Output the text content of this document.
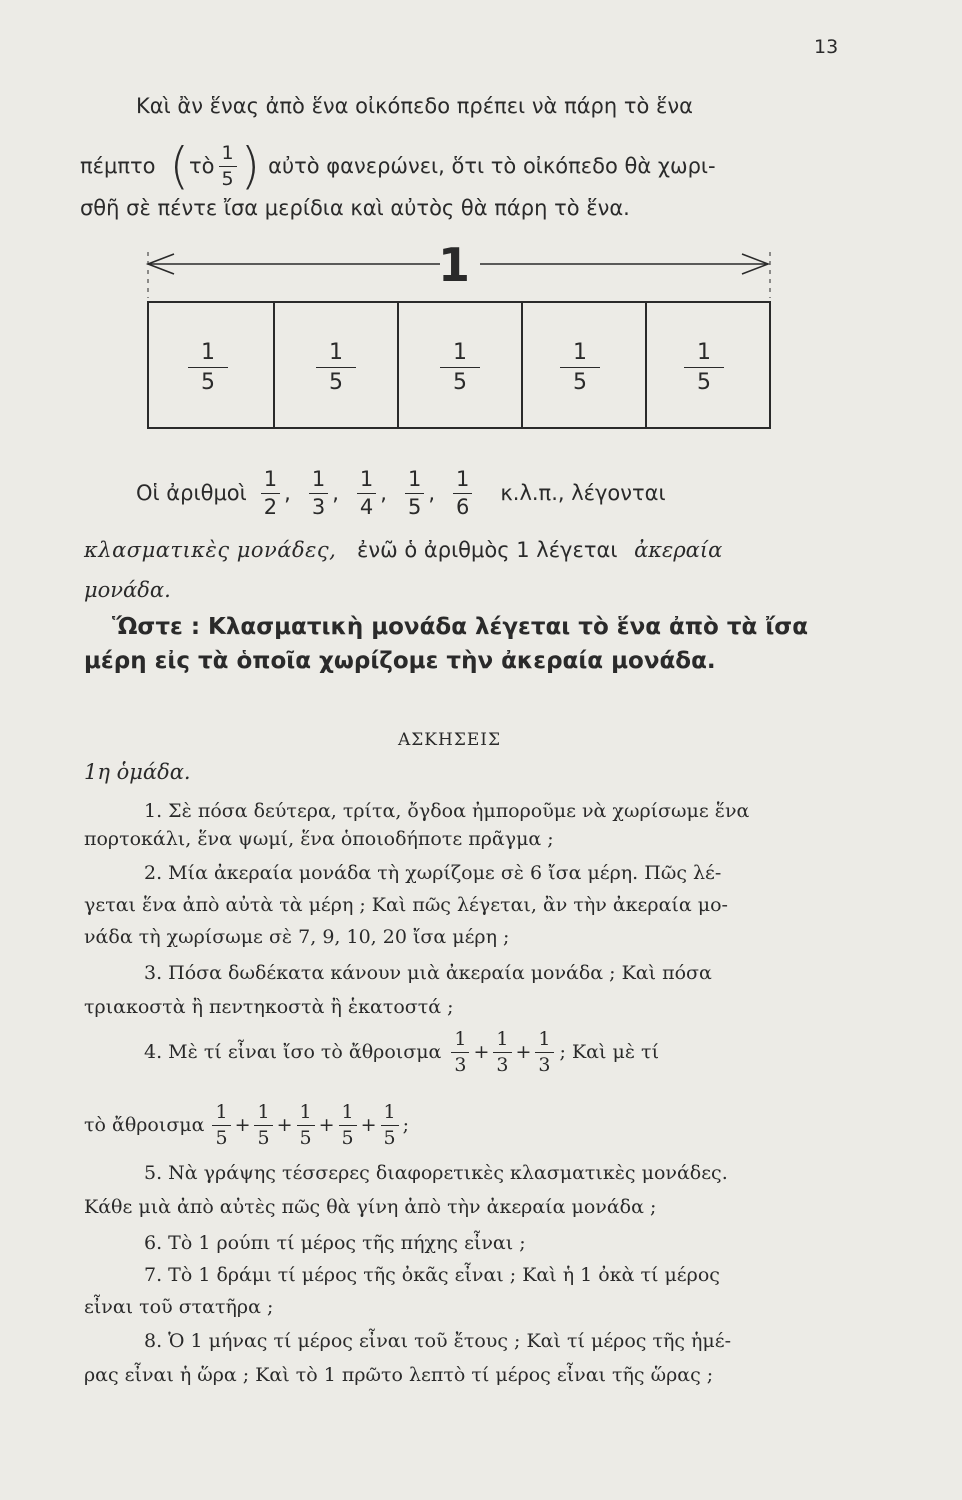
13
Καὶ ἂν ἕνας ἀπὸ ἕνα οἰκόπεδο πρέπει νὰ πάρη τὸ ἕνα
πέμπτο ( τὸ $\frac{1}{5}$ ) αὐτὸ φανερώνει, ὅτι τὸ οἰκόπεδο θὰ χωρι-
σθῆ σὲ πέντε ἴσα μερίδια καὶ αὐτὸς θὰ πάρη τὸ ἕνα.
1
$\frac{1}{5}$	$\frac{1}{5}$	$\frac{1}{5}$	$\frac{1}{5}$	$\frac{1}{5}$
Οἱ ἀριθμοὶ $\frac{1}{2}$ , $\frac{1}{3}$ , $\frac{1}{4}$ , $\frac{1}{5}$ , $\frac{1}{6} \kappa.\lambda.\pi$., λέγονται
κλασματικὲς μονάδες, ἐνῶ ὁ ἀριθμὸς 1 λέγεται ἀκεραία
μονάδα.
Ὥστε : Κλασματικὴ μονάδα λέγεται τὸ ἕνα ἀπὸ τὰ ἴσα
μέρη εἰς τὰ ὁποῖα χωρίζομε τὴν ἀκεραία μονάδα.
ΑΣΚΗΣΕΙΣ
1η ὁμάδα.
1. Σὲ πόσα δεύτερα, τρίτα, ὄγδοα ἠμποροῦμε νὰ χωρίσωμε ἕνα
πορτοκάλι, ἕνα ψωμί, ἕνα ὁποιοδήποτε πρᾶγμα ;
2. Μία ἀκεραία μονάδα τὴ χωρίζομε σὲ 6 ἴσα μέρη. Πῶς λέ-
γεται ἕνα ἀπὸ αὐτὰ τὰ μέρη ; Καὶ πῶς λέγεται, ἂν τὴν ἀκεραία μο-
νάδα τὴ χωρίσωμε σὲ 7, 9, 10, 20 ἴσα μέρη ;
3. Πόσα δωδέκατα κάνουν μιὰ ἀκεραία μονάδα ; Καὶ πόσα
τριακοστὰ ἢ πεντηκοστὰ ἢ ἑκατοστά ;
4. Μὲ τί εἶναι ἴσο τὸ ἄθροισμα $\frac{1}{3} + \frac{1}{3} + \frac{1}{3}$ ; Καὶ μὲ τί
τὸ ἄθροισμα $\frac{1}{5} + \frac{1}{5} + \frac{1}{5} + \frac{1}{5} + \frac{1}{5}$ ;
5. Νὰ γράψης τέσσερες διαφορετικὲς κλασματικὲς μονάδες.
Κάθε μιὰ ἀπὸ αὐτὲς πῶς θὰ γίνη ἀπὸ τὴν ἀκεραία μονάδα ;
6. Τὸ 1 ρούπι τί μέρος τῆς πήχης εἶναι ;
7. Τὸ 1 δράμι τί μέρος τῆς ὀκᾶς εἶναι ; Καὶ ἡ 1 ὀκὰ τί μέρος
εἶναι τοῦ στατῆρα ;
8. Ὁ 1 μήνας τί μέρος εἶναι τοῦ ἔτους ; Καὶ τί μέρος τῆς ἡμέ-
ρας εἶναι ἡ ὥρα ; Καὶ τὸ 1 πρῶτο λεπτὸ τί μέρος εἶναι τῆς ὥρας ;
